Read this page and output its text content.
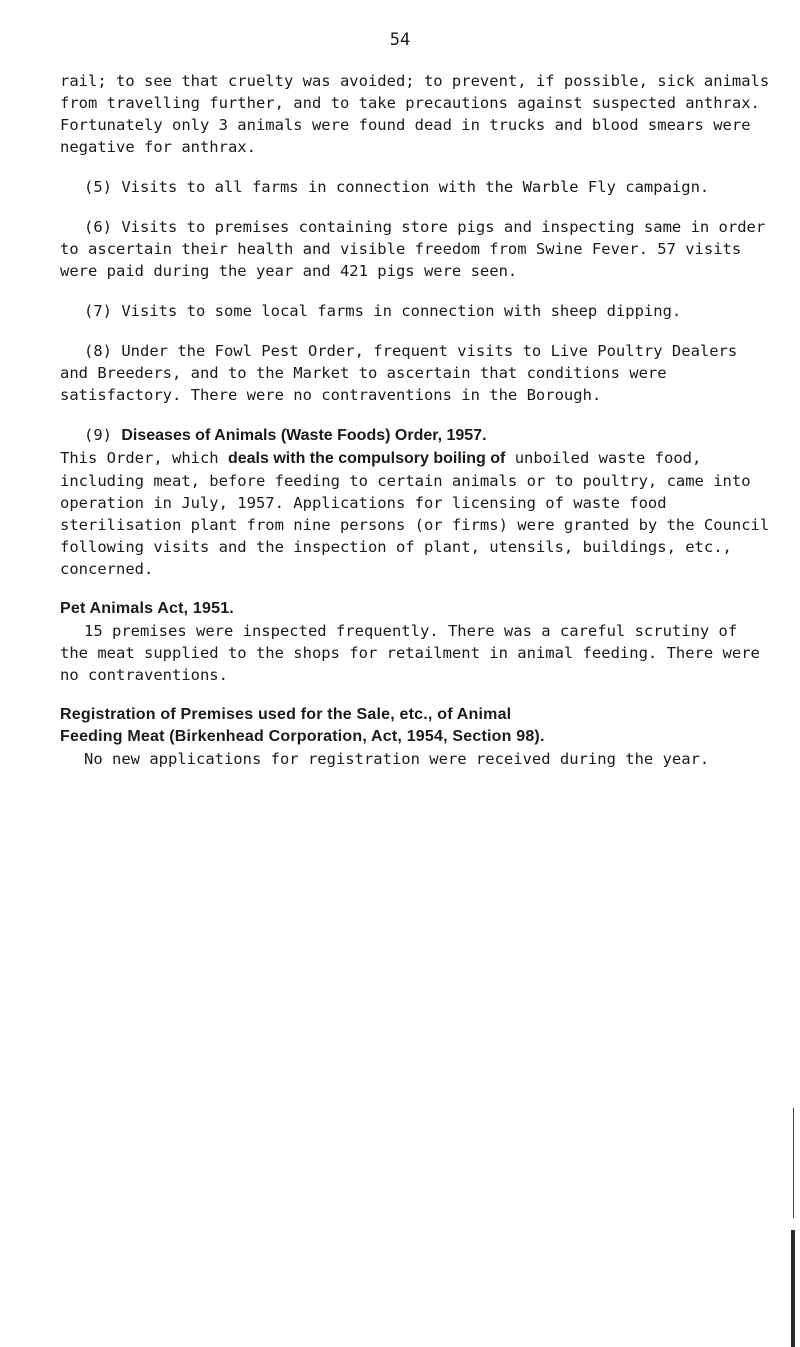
54

rail; to see that cruelty was avoided; to prevent, if possible, sick animals from travelling further, and to take precautions against suspected anthrax. Fortunately only 3 animals were found dead in trucks and blood smears were negative for anthrax.

(5) Visits to all farms in connection with the Warble Fly campaign.

(6) Visits to premises containing store pigs and inspecting same in order to ascertain their health and visible freedom from Swine Fever. 57 visits were paid during the year and 421 pigs were seen.

(7) Visits to some local farms in connection with sheep dipping.

(8) Under the Fowl Pest Order, frequent visits to Live Poultry Dealers and Breeders, and to the Market to ascertain that conditions were satisfactory. There were no contraventions in the Borough.

(9) Diseases of Animals (Waste Foods) Order, 1957.

This Order, which deals with the compulsory boiling of unboiled waste food, including meat, before feeding to certain animals or to poultry, came into operation in July, 1957. Applications for licensing of waste food sterilisation plant from nine persons (or firms) were granted by the Council following visits and the inspection of plant, utensils, buildings, etc., concerned.

Pet Animals Act, 1951.

15 premises were inspected frequently. There was a careful scrutiny of the meat supplied to the shops for retailment in animal feeding. There were no contraventions.

Registration of Premises used for the Sale, etc., of Animal
Feeding Meat (Birkenhead Corporation, Act, 1954, Section 98).

No new applications for registration were received during the year.
